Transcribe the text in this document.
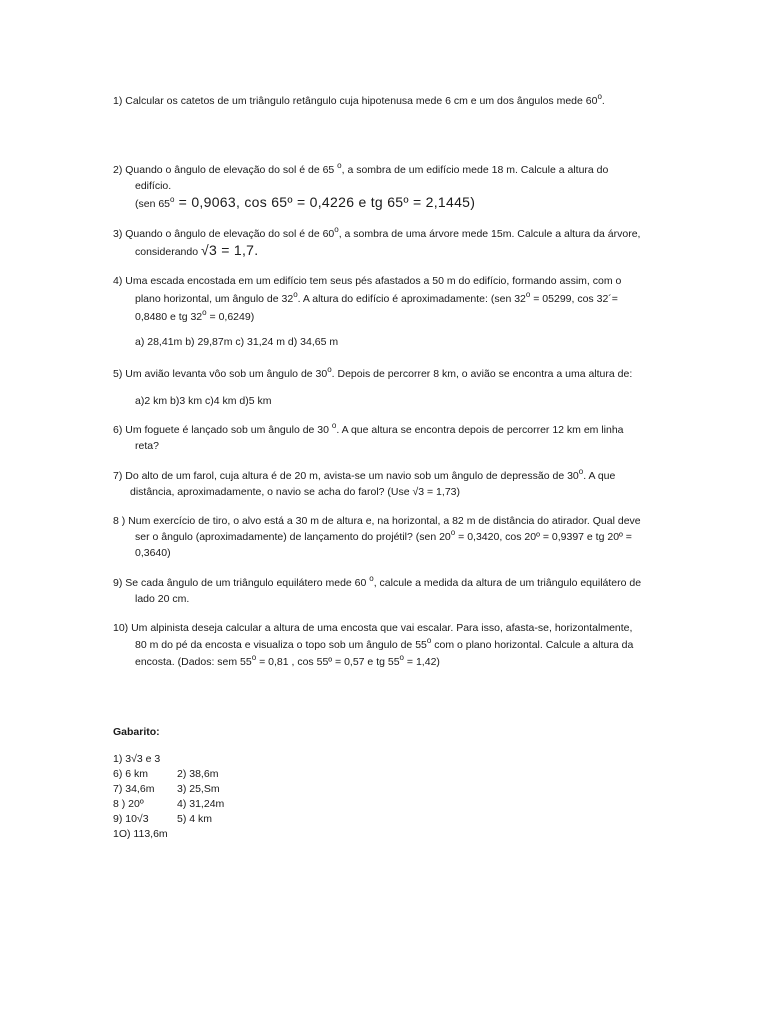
1) Calcular os catetos de um triângulo retângulo cuja hipotenusa mede 6 cm e um dos ângulos mede 60$^o$.
2) Quando o ângulo de elevação do sol é de 65 $^o$, a sombra de um edifício mede 18 m. Calcule a altura do
edifício.
(sen $65^o = 0,9063$, cos 65º = 0,4226 e tg 65º = 2,1445)
3) Quando o ângulo de elevação do sol é de 60$^o$, a sombra de uma árvore mede 15m. Calcule a altura da árvore,
considerando √3 = 1,7.
4) Uma escada encostada em um edifício tem seus pés afastados a 50 m do edifício, formando assim, com o
plano horizontal, um ângulo de 32$^o$. A altura do edifício é aproximadamente: (sen $32^o = 05299$, cos 32´=
0,8480 e tg $32^o = 0,6249$)
a) 28,41m b) 29,87m c) 31,24 m d) 34,65 m
5) Um avião levanta vôo sob um ângulo de 30$^o$. Depois de percorrer 8 km, o avião se encontra a uma altura de:
a)2 km b)3 km c)4 km d)5 km
6) Um foguete é lançado sob um ângulo de 30 $^o$. A que altura se encontra depois de percorrer 12 km em linha
reta?
7) Do alto de um farol, cuja altura é de 20 m, avista-se um navio sob um ângulo de depressão de 30$^o$. A que
distância, aproximadamente, o navio se acha do farol? (Use √3 = 1,73)
8 ) Num exercício de tiro, o alvo está a 30 m de altura e, na horizontal, a 82 m de distância do atirador. Qual deve
ser o ângulo (aproximadamente) de lançamento do projétil? (sen $20^o = 0,3420$, cos 20º = 0,9397 e tg 20º =
0,3640)
9) Se cada ângulo de um triângulo equilátero mede 60 $^o$, calcule a medida da altura de um triângulo equilátero de
lado 20 cm.
10) Um alpinista deseja calcular a altura de uma encosta que vai escalar. Para isso, afasta-se, horizontalmente,
80 m do pé da encosta e visualiza o topo sob um ângulo de 55$^o$ com o plano horizontal. Calcule a altura da
encosta. (Dados: sem $55^o = 0,81$ , cos 55º = 0,57 e tg $55^o = 1,42$)
Gabarito:
1) 3√3 e 3
6) 6 km	2) 38,6m
7) 34,6m 3) 25,Sm
8 ) 20º	4) 31,24m
9) 10√3	5) 4 km
1O) 113,6m
